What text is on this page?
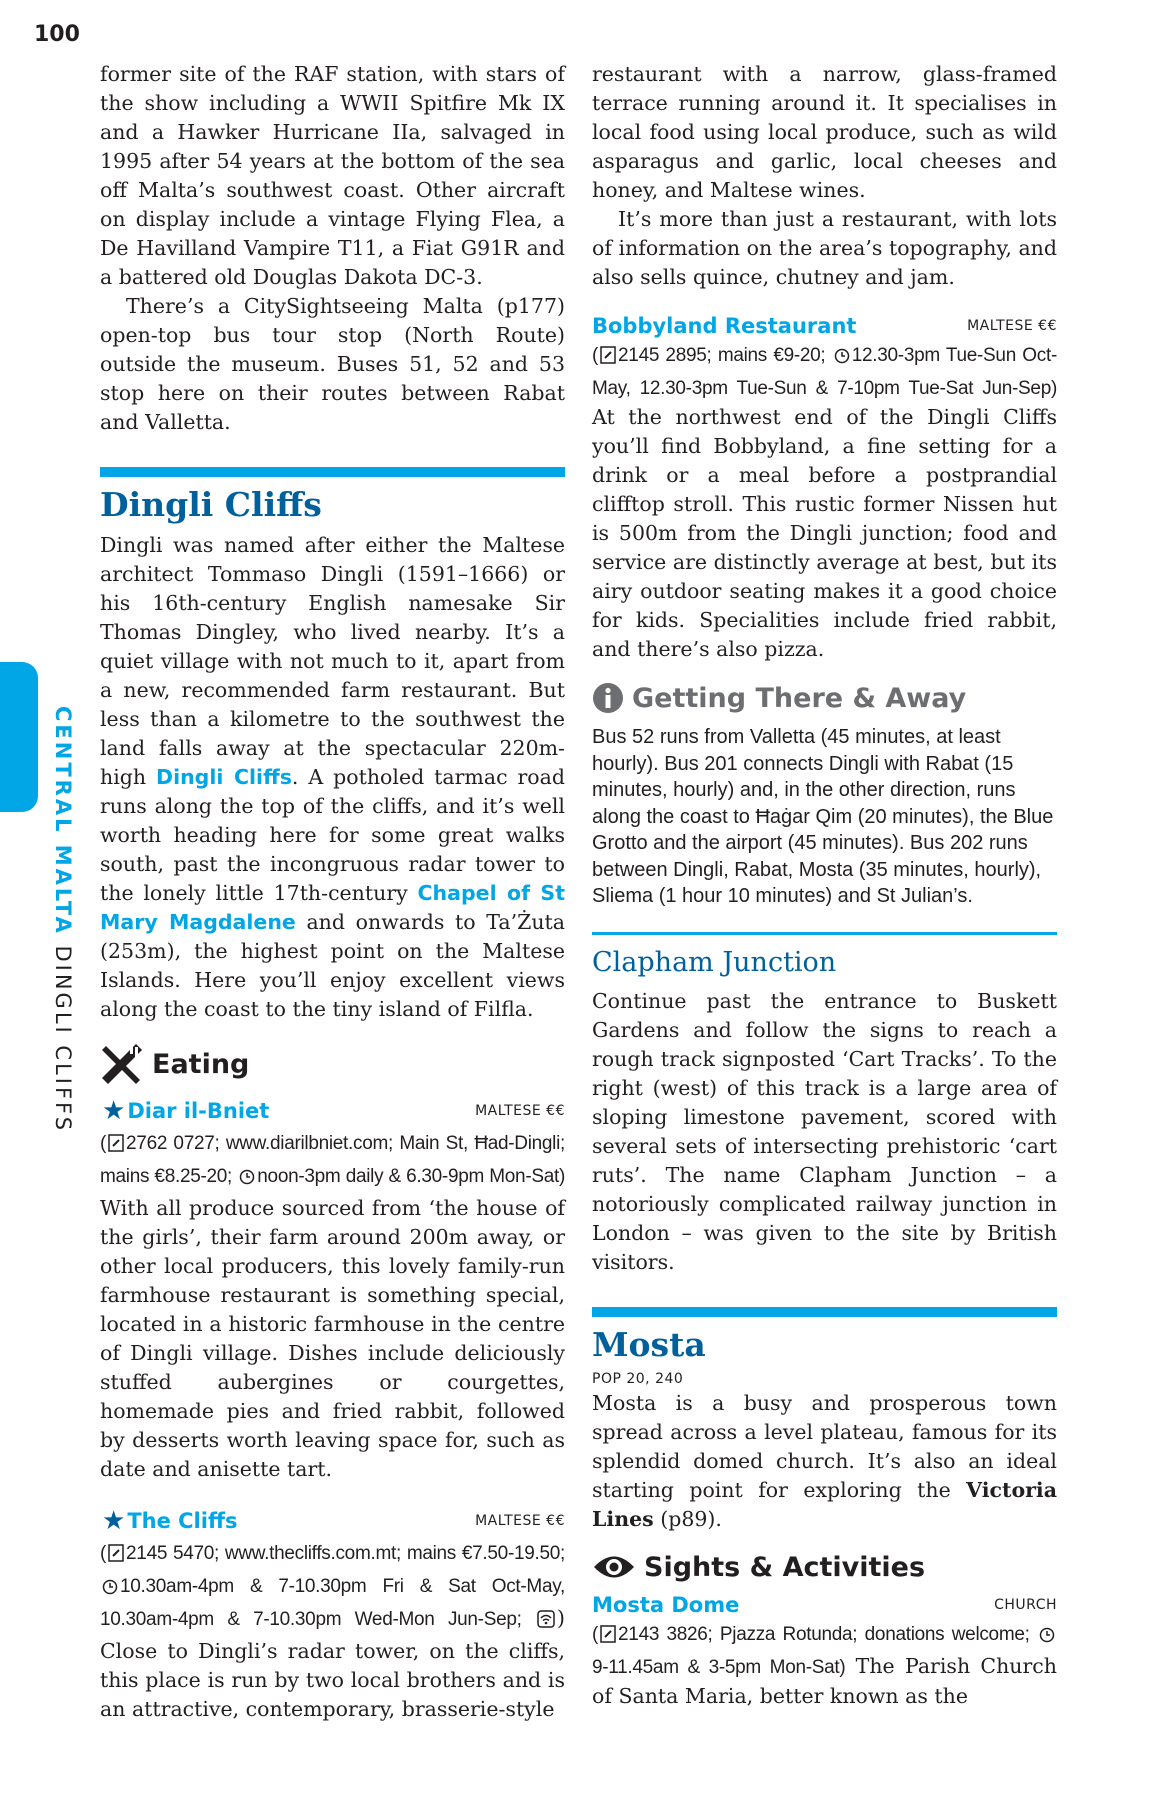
100
CENTRAL MALTA DINGLI CLIFFS

former site of the RAF station, with stars of the show including a WWII Spitfire Mk IX and a Hawker Hurricane IIa, salvaged in 1995 after 54 years at the bottom of the sea off Malta’s southwest coast. Other aircraft on display include a vintage Flying Flea, a De Havilland Vampire T11, a Fiat G91R and a battered old Douglas Dakota DC-3.

There’s a CitySightseeing Malta (p177) open-top bus tour stop (North Route) outside the museum. Buses 51, 52 and 53 stop here on their routes between Rabat and Valletta.

Dingli Cliffs

Dingli was named after either the Maltese architect Tommaso Dingli (1591–1666) or his 16th-century English namesake Sir Thomas Dingley, who lived nearby. It’s a quiet village with not much to it, apart from a new, recommended farm restaurant. But less than a kilometre to the southwest the land falls away at the spectacular 220m-high Dingli Cliffs. A potholed tarmac road runs along the top of the cliffs, and it’s well worth heading here for some great walks south, past the incongruous radar tower to the lonely little 17th-century Chapel of St Mary Magdalene and onwards to Ta’Żuta (253m), the highest point on the Maltese Islands. Here you’ll enjoy excellent views along the coast to the tiny island of Filfla.

Eating
★ Diar il-Bniet	MALTESE €€

( 2762 0727; www.diarilbniet.com; Main St, Ħad-Dingli; mains €8.25-20; noon-3pm daily & 6.30-9pm Mon-Sat) With all produce sourced from ‘the house of the girls’, their farm around 200m away, or other local producers, this lovely family-run farmhouse restaurant is something special, located in a historic farmhouse in the centre of Dingli village. Dishes include deliciously stuffed aubergines or courgettes, homemade pies and fried rabbit, followed by desserts worth leaving space for, such as date and anisette tart.

★ The Cliffs	MALTESE €€

( 2145 5470; www.thecliffs.com.mt; mains €7.50-19.50; 10.30am-4pm & 7-10.30pm Fri & Sat Oct-May, 10.30am-4pm & 7-10.30pm Wed-Mon Jun-Sep; ) Close to Dingli’s radar tower, on the cliffs, this place is run by two local brothers and is an attractive, contemporary, brasserie-style

restaurant with a narrow, glass-framed terrace running around it. It specialises in local food using local produce, such as wild asparagus and garlic, local cheeses and honey, and Maltese wines.

It’s more than just a restaurant, with lots of information on the area’s topography, and also sells quince, chutney and jam.

Bobbyland Restaurant	MALTESE €€

( 2145 2895; mains €9-20; 12.30-3pm Tue-Sun Oct-May, 12.30-3pm Tue-Sun & 7-10pm Tue-Sat Jun-Sep) At the northwest end of the Dingli Cliffs you’ll find Bobbyland, a fine setting for a drink or a meal before a postprandial clifftop stroll. This rustic former Nissen hut is 500m from the Dingli junction; food and service are distinctly average at best, but its airy outdoor seating makes it a good choice for kids. Specialities include fried rabbit, and there’s also pizza.

Getting There & Away
Bus 52 runs from Valletta (45 minutes, at least hourly). Bus 201 connects Dingli with Rabat (15 minutes, hourly) and, in the other direction, runs along the coast to Ħaġar Qim (20 minutes), the Blue Grotto and the airport (45 minutes). Bus 202 runs between Dingli, Rabat, Mosta (35 minutes, hourly), Sliema (1 hour 10 minutes) and St Julian’s.
Clapham Junction

Continue past the entrance to Buskett Gardens and follow the signs to reach a rough track signposted ‘Cart Tracks’. To the right (west) of this track is a large area of sloping limestone pavement, scored with several sets of intersecting prehistoric ‘cart ruts’. The name Clapham Junction – a notoriously complicated railway junction in London – was given to the site by British visitors.

Mosta
POP 20, 240

Mosta is a busy and prosperous town spread across a level plateau, famous for its splendid domed church. It’s also an ideal starting point for exploring the Victoria Lines (p89).

Sights & Activities
Mosta Dome	CHURCH

( 2143 3826; Pjazza Rotunda; donations welcome; 9-11.45am & 3-5pm Mon-Sat) The Parish Church of Santa Maria, better known as the
